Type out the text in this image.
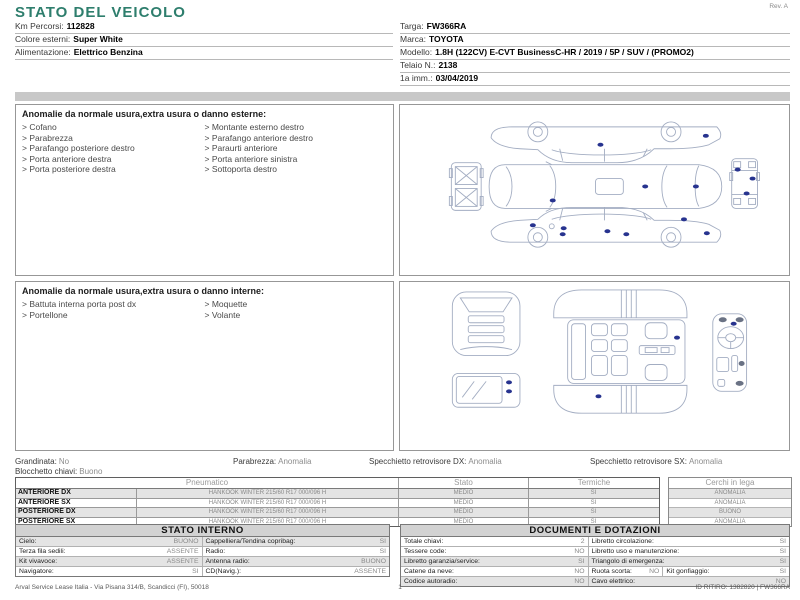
STATO DEL VEICOLO	Rev. A
Km Percorsi: 112828
Colore esterni: Super White
Alimentazione: Elettrico Benzina
Targa: FW366RA
Marca: TOYOTA
Modello: 1.8H (122CV) E-CVT BusinessC-HR / 2019 / 5P / SUV / (PROMO2)
Telaio N.: 2138
1a imm.: 03/04/2019
Anomalie da normale usura,extra usura o danno esterne:
> Cofano
> Parabrezza
> Parafango posteriore destro
> Porta anteriore destra
> Porta posteriore destra
> Montante esterno destro
> Parafango anteriore destro
> Paraurti anteriore
> Porta anteriore sinistra
> Sottoporta destro
Anomalie da normale usura,extra usura o danno interne:
> Battuta interna porta post dx
> Portellone
> Moquette
> Volante
Grandinata: No
Blocchetto chiavi: Buono
Parabrezza: Anomalia	Specchietto retrovisore DX: Anomalia	Specchietto retrovisore SX: Anomalia
Pneumatico	Stato	Termiche
ANTERIORE DX	HANKOOK WINTER 215/60 R17 000/096 H	MEDIO	SI
ANTERIORE SX	HANKOOK WINTER 215/60 R17 000/096 H	MEDIO	SI
POSTERIORE DX	HANKOOK WINTER 215/60 R17 000/096 H	MEDIO	SI
POSTERIORE SX	HANKOOK WINTER 215/60 R17 000/096 H	MEDIO	SI
Cerchi in lega
ANOMALIA
ANOMALIA
BUONO
ANOMALIA
STATO INTERNO
Cielo:	BUONO Cappelliera/Tendina copribag:	SI
Terza fila sedili:	ASSENTE Radio:	SI
Kit vivavoce:	ASSENTE Antenna radio:	BUONO
Navigatore:	SI CD(Navig.):	ASSENTE
DOCUMENTI E DOTAZIONI
Totale chiavi:	2 Libretto circolazione:	SI
Tessere code:	NO Libretto uso e manutenzione:	SI
Libretto garanzia/service:	SI Triangolo di emergenza:	SI
Catene da neve:	NO Ruota scorta:	NO Kit gonfiaggio:	SI
Codice autoradio:	NO Cavo elettrico:	NO
1
Arval Service Lease Italia - Via Pisana 314/B, Scandicci (FI), 50018	ID RITIRO: 1382820 | FW366RA
